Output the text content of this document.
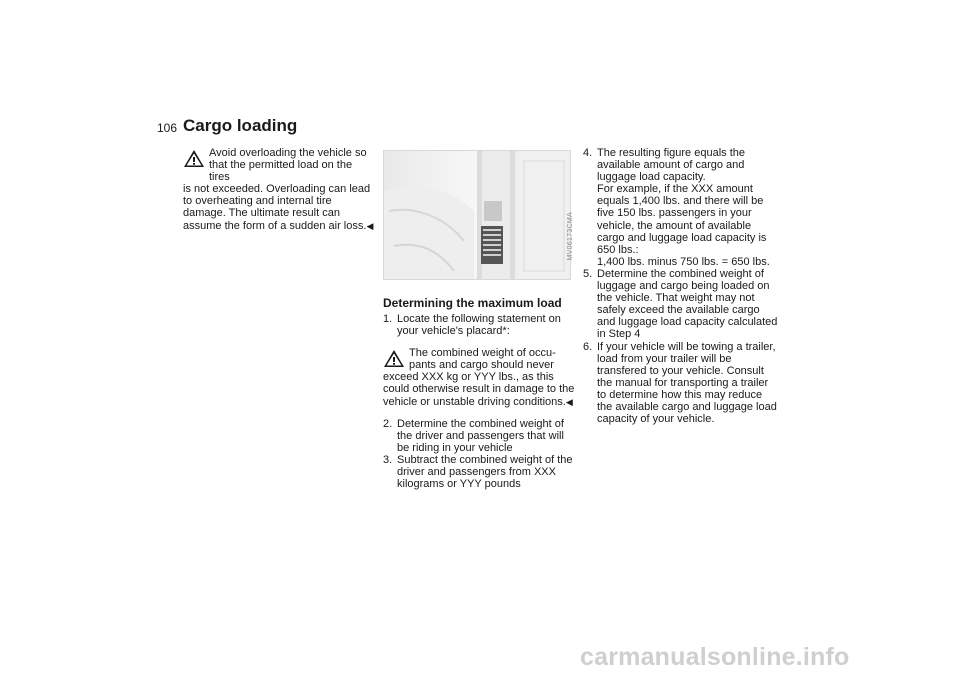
106 Cargo loading

Avoid overloading the vehicle so

that the permitted load on the tires

is not exceeded. Overloading can lead to overheating and internal tire damage. The ultimate result can assume the form of a sudden air loss.◀	MV06173CMA
Determining the maximum load
1. Locate the following statement on your vehicle's placard*:

The combined weight of occu-

pants and cargo should never

exceed XXX kg or YYY lbs., as this could otherwise result in damage to the vehicle or unstable driving conditions.◀

2. Determine the combined weight of the driver and passengers that will be riding in your vehicle
3. Subtract the combined weight of the driver and passengers from XXX kilograms or YYY pounds
4. The resulting figure equals the available amount of cargo and luggage load capacity.
For example, if the XXX amount equals 1,400 lbs. and there will be five 150 lbs. passengers in your vehicle, the amount of available cargo and luggage load capacity is 650 lbs.:
1,400 lbs. minus 750 lbs. = 650 lbs.
5. Determine the combined weight of luggage and cargo being loaded on the vehicle. That weight may not safely exceed the available cargo and luggage load capacity calculated in Step 4
6. If your vehicle will be towing a trailer, load from your trailer will be transfered to your vehicle. Consult the manual for transporting a trailer to determine how this may reduce the available cargo and luggage load capacity of your vehicle.
carmanualsonline.info
